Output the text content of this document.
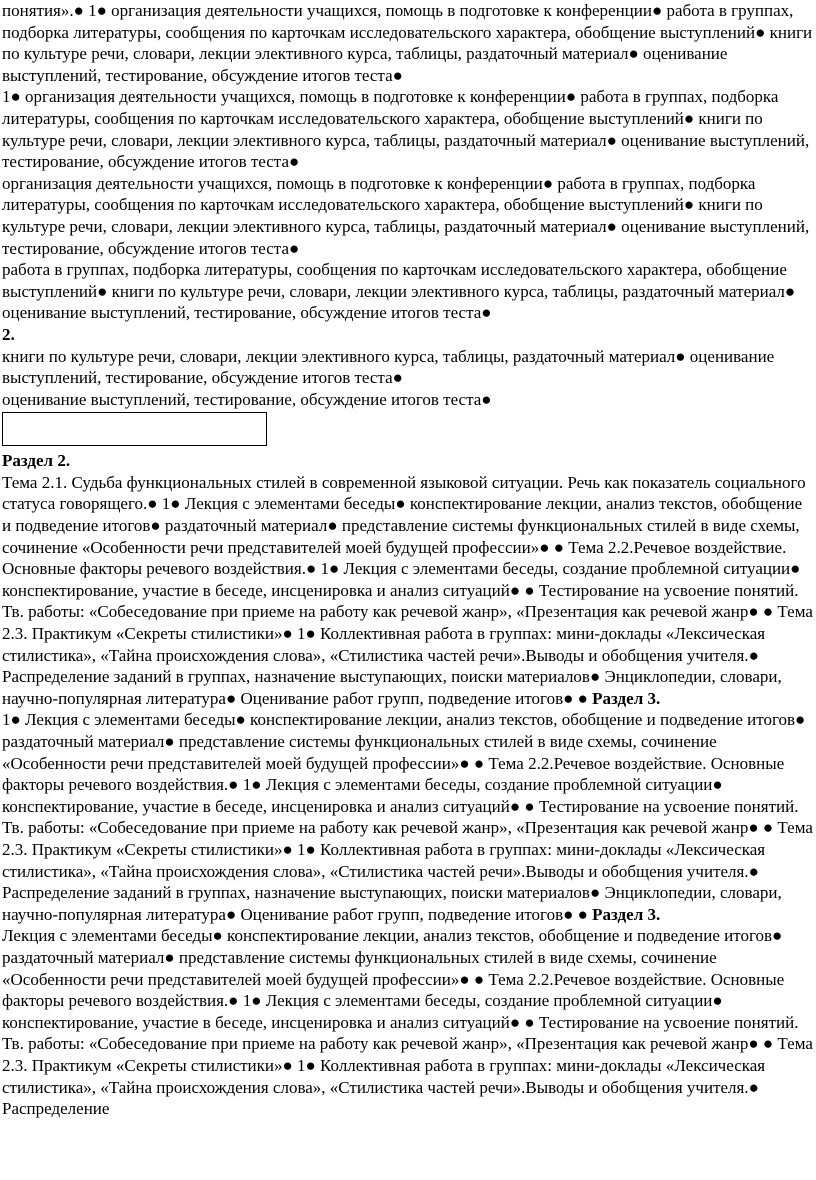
понятия».● 1● организация деятельности учащихся, помощь в подготовке к конференции● работа в группах, подборка литературы, сообщения по карточкам исследовательского характера, обобщение выступлений● книги по культуре речи, словари, лекции элективного курса, таблицы, раздаточный материал● оценивание выступлений, тестирование, обсуждение итогов теста●

1● организация деятельности учащихся, помощь в подготовке к конференции● работа в группах, подборка литературы, сообщения по карточкам исследовательского характера, обобщение выступлений● книги по культуре речи, словари, лекции элективного курса, таблицы, раздаточный материал● оценивание выступлений, тестирование, обсуждение итогов теста●

организация деятельности учащихся, помощь в подготовке к конференции● работа в группах, подборка литературы, сообщения по карточкам исследовательского характера, обобщение выступлений● книги по культуре речи, словари, лекции элективного курса, таблицы, раздаточный материал● оценивание выступлений, тестирование, обсуждение итогов теста●

работа в группах, подборка литературы, сообщения по карточкам исследовательского характера, обобщение выступлений● книги по культуре речи, словари, лекции элективного курса, таблицы, раздаточный материал● оценивание выступлений, тестирование, обсуждение итогов теста●

2.

книги по культуре речи, словари, лекции элективного курса, таблицы, раздаточный материал● оценивание выступлений, тестирование, обсуждение итогов теста●

оценивание выступлений, тестирование, обсуждение итогов теста●

Раздел 2.

Тема 2.1. Судьба функциональных стилей в современной языковой ситуации. Речь как показатель социального статуса говорящего.● 1● Лекция с элементами беседы● конспектирование лекции, анализ текстов, обобщение и подведение итогов● раздаточный материал● представление системы функциональных стилей в виде схемы, сочинение «Особенности речи представителей моей будущей профессии»● ● Тема 2.2.Речевое воздействие. Основные факторы речевого воздействия.● 1● Лекция с элементами беседы, создание проблемной ситуации● конспектирование, участие в беседе, инсценировка и анализ ситуаций● ● Тестирование на усвоение понятий. Тв. работы: «Собеседование при приеме на работу как речевой жанр», «Презентация как речевой жанр● ● Тема 2.3. Практикум «Секреты стилистики»● 1● Коллективная работа в группах: мини-доклады «Лексическая стилистика», «Тайна происхождения слова», «Стилистика частей речи».Выводы и обобщения учителя.● Распределение заданий в группах, назначение выступающих, поиски материалов● Энциклопедии, словари, научно-популярная литература● Оценивание работ групп, подведение итогов● ● Раздел 3.

1● Лекция с элементами беседы● конспектирование лекции, анализ текстов, обобщение и подведение итогов● раздаточный материал● представление системы функциональных стилей в виде схемы, сочинение «Особенности речи представителей моей будущей профессии»● ● Тема 2.2.Речевое воздействие. Основные факторы речевого воздействия.● 1● Лекция с элементами беседы, создание проблемной ситуации● конспектирование, участие в беседе, инсценировка и анализ ситуаций● ● Тестирование на усвоение понятий. Тв. работы: «Собеседование при приеме на работу как речевой жанр», «Презентация как речевой жанр● ● Тема 2.3. Практикум «Секреты стилистики»● 1● Коллективная работа в группах: мини-доклады «Лексическая стилистика», «Тайна происхождения слова», «Стилистика частей речи».Выводы и обобщения учителя.● Распределение заданий в группах, назначение выступающих, поиски материалов● Энциклопедии, словари, научно-популярная литература● Оценивание работ групп, подведение итогов● ● Раздел 3.

Лекция с элементами беседы● конспектирование лекции, анализ текстов, обобщение и подведение итогов● раздаточный материал● представление системы функциональных стилей в виде схемы, сочинение «Особенности речи представителей моей будущей профессии»● ● Тема 2.2.Речевое воздействие. Основные факторы речевого воздействия.● 1● Лекция с элементами беседы, создание проблемной ситуации● конспектирование, участие в беседе, инсценировка и анализ ситуаций● ● Тестирование на усвоение понятий. Тв. работы: «Собеседование при приеме на работу как речевой жанр», «Презентация как речевой жанр● ● Тема 2.3. Практикум «Секреты стилистики»● 1● Коллективная работа в группах: мини-доклады «Лексическая стилистика», «Тайна происхождения слова», «Стилистика частей речи».Выводы и обобщения учителя.● Распределение
